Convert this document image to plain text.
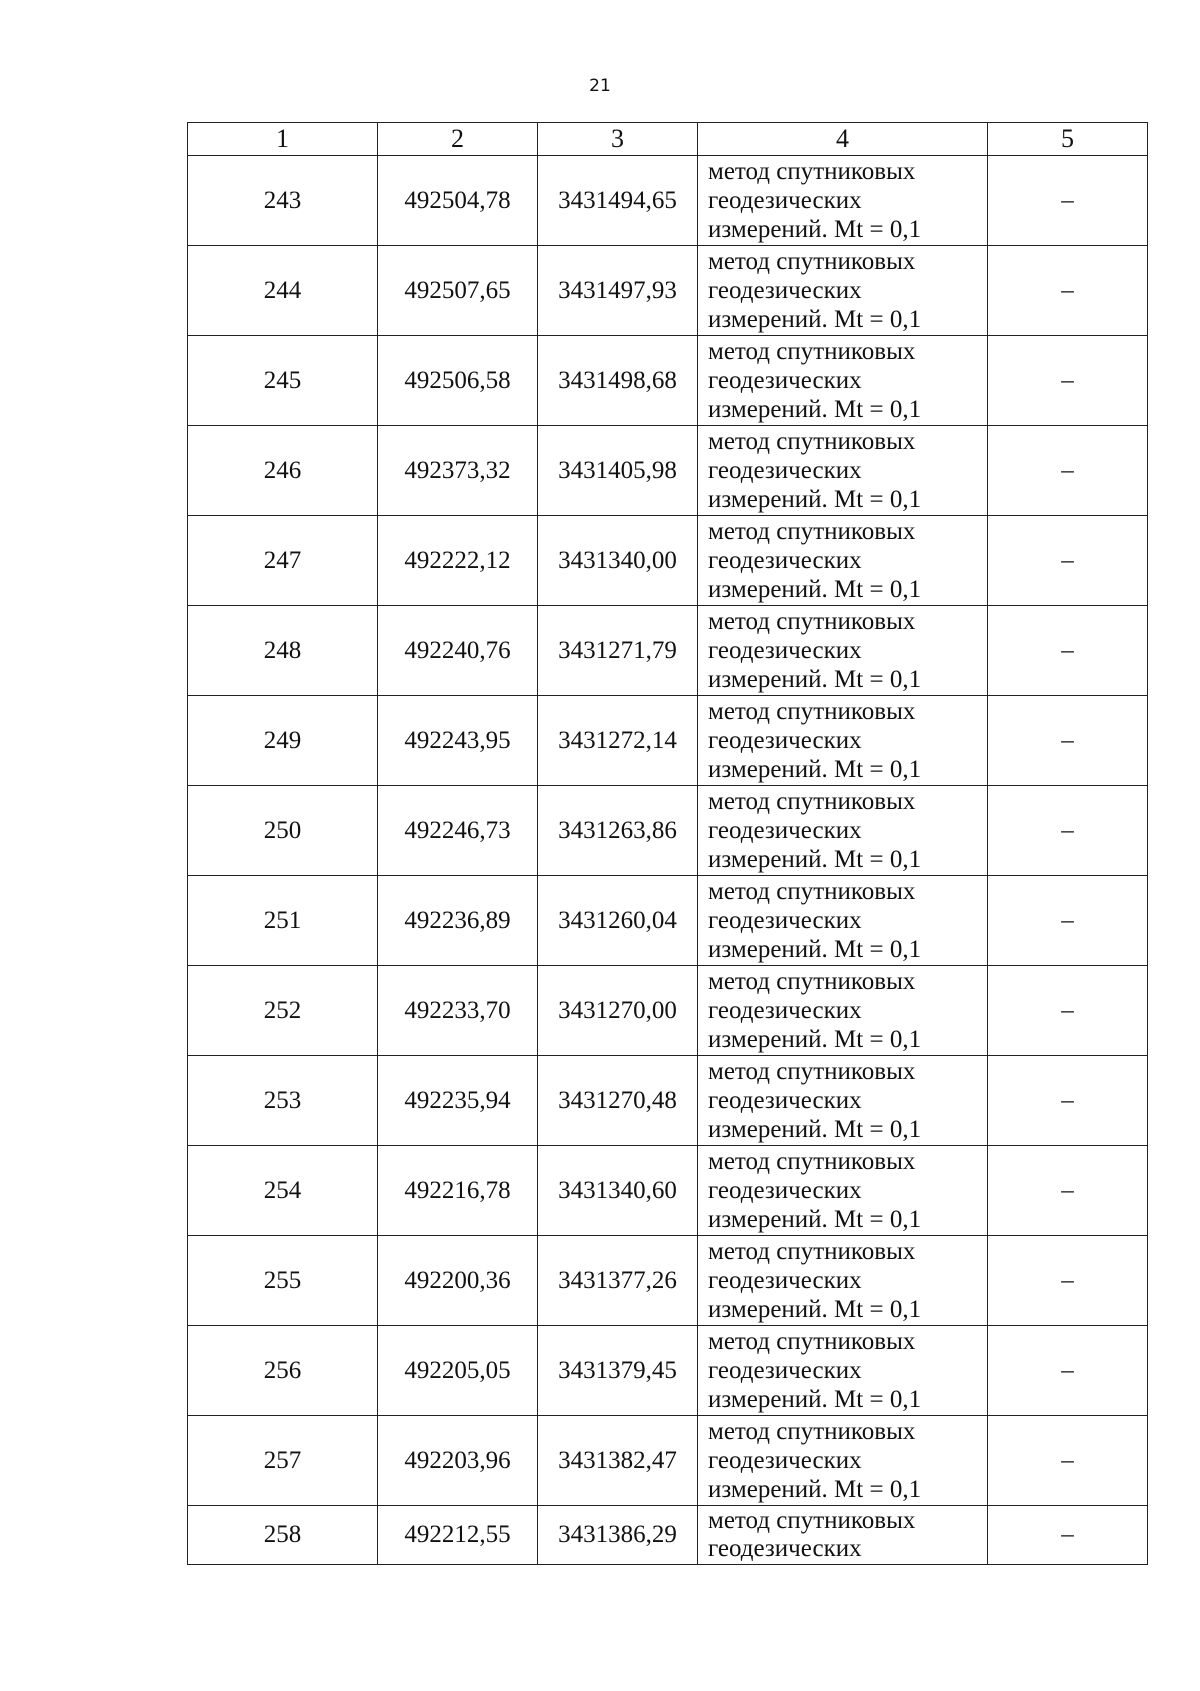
21
1	2	3	4	5
243	492504,78	3431494,65	метод спутниковых
геодезических
измерений. Mt = 0,1	–
244	492507,65	3431497,93	метод спутниковых
геодезических
измерений. Mt = 0,1	–
245	492506,58	3431498,68	метод спутниковых
геодезических
измерений. Mt = 0,1	–
246	492373,32	3431405,98	метод спутниковых
геодезических
измерений. Mt = 0,1	–
247	492222,12	3431340,00	метод спутниковых
геодезических
измерений. Mt = 0,1	–
248	492240,76	3431271,79	метод спутниковых
геодезических
измерений. Mt = 0,1	–
249	492243,95	3431272,14	метод спутниковых
геодезических
измерений. Mt = 0,1	–
250	492246,73	3431263,86	метод спутниковых
геодезических
измерений. Mt = 0,1	–
251	492236,89	3431260,04	метод спутниковых
геодезических
измерений. Mt = 0,1	–
252	492233,70	3431270,00	метод спутниковых
геодезических
измерений. Mt = 0,1	–
253	492235,94	3431270,48	метод спутниковых
геодезических
измерений. Mt = 0,1	–
254	492216,78	3431340,60	метод спутниковых
геодезических
измерений. Mt = 0,1	–
255	492200,36	3431377,26	метод спутниковых
геодезических
измерений. Mt = 0,1	–
256	492205,05	3431379,45	метод спутниковых
геодезических
измерений. Mt = 0,1	–
257	492203,96	3431382,47	метод спутниковых
геодезических
измерений. Mt = 0,1	–
258	492212,55	3431386,29	метод спутниковых
геодезических	–
